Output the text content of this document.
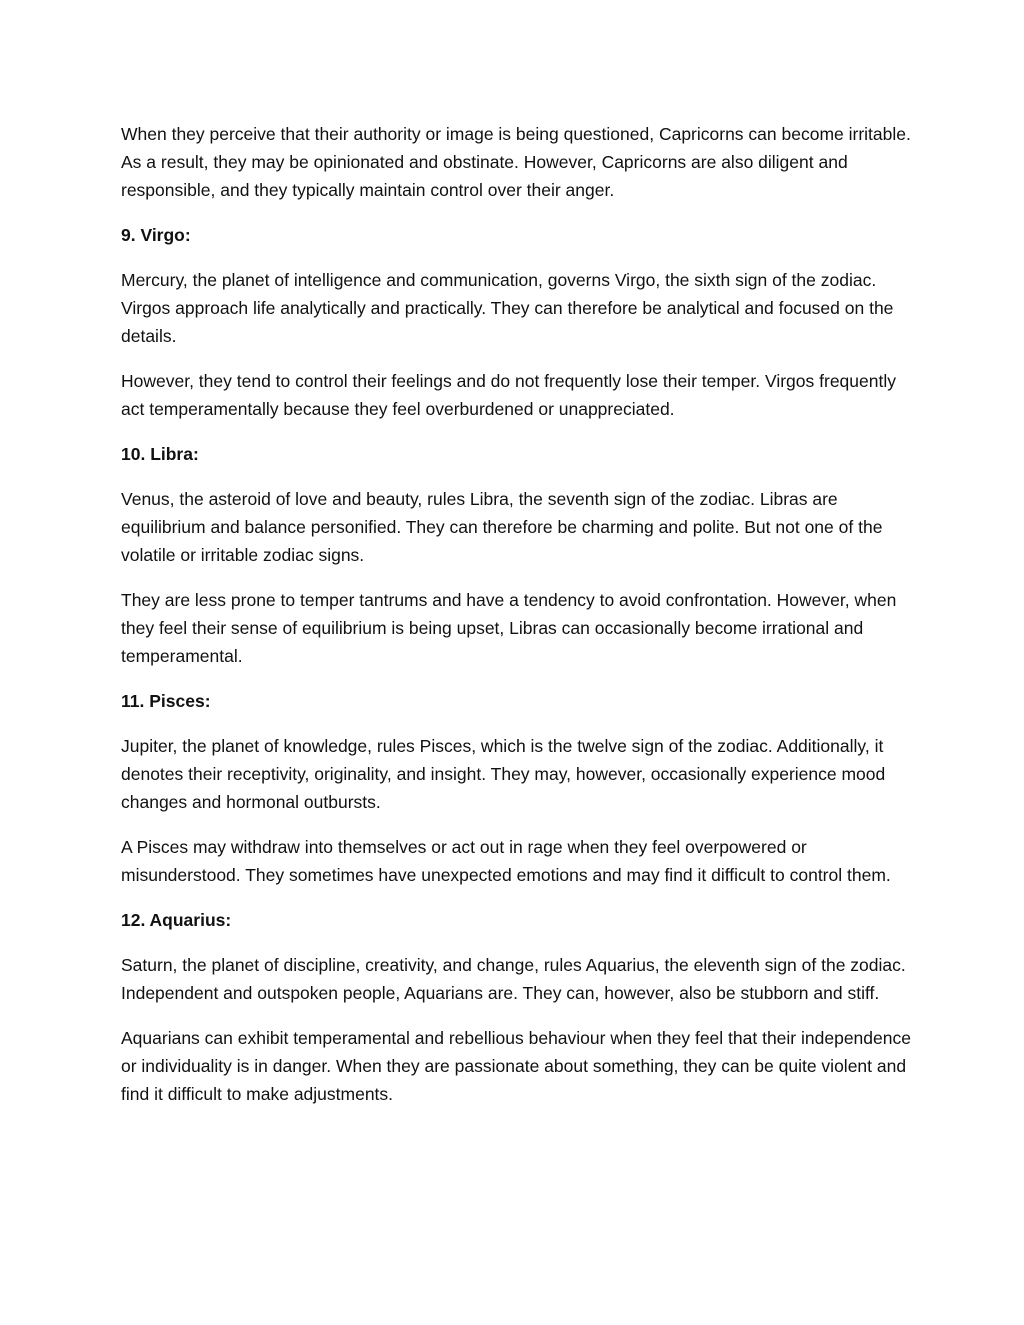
When they perceive that their authority or image is being questioned, Capricorns can become irritable. As a result, they may be opinionated and obstinate. However, Capricorns are also diligent and responsible, and they typically maintain control over their anger.

9. Virgo:

Mercury, the planet of intelligence and communication, governs Virgo, the sixth sign of the zodiac. Virgos approach life analytically and practically. They can therefore be analytical and focused on the details.

However, they tend to control their feelings and do not frequently lose their temper. Virgos frequently act temperamentally because they feel overburdened or unappreciated.

10. Libra:

Venus, the asteroid of love and beauty, rules Libra, the seventh sign of the zodiac. Libras are equilibrium and balance personified. They can therefore be charming and polite. But not one of the volatile or irritable zodiac signs.

They are less prone to temper tantrums and have a tendency to avoid confrontation. However, when they feel their sense of equilibrium is being upset, Libras can occasionally become irrational and temperamental.

11. Pisces:

Jupiter, the planet of knowledge, rules Pisces, which is the twelve sign of the zodiac. Additionally, it denotes their receptivity, originality, and insight. They may, however, occasionally experience mood changes and hormonal outbursts.

A Pisces may withdraw into themselves or act out in rage when they feel overpowered or misunderstood. They sometimes have unexpected emotions and may find it difficult to control them.

12. Aquarius:

Saturn, the planet of discipline, creativity, and change, rules Aquarius, the eleventh sign of the zodiac. Independent and outspoken people, Aquarians are. They can, however, also be stubborn and stiff.

Aquarians can exhibit temperamental and rebellious behaviour when they feel that their independence or individuality is in danger. When they are passionate about something, they can be quite violent and find it difficult to make adjustments.
